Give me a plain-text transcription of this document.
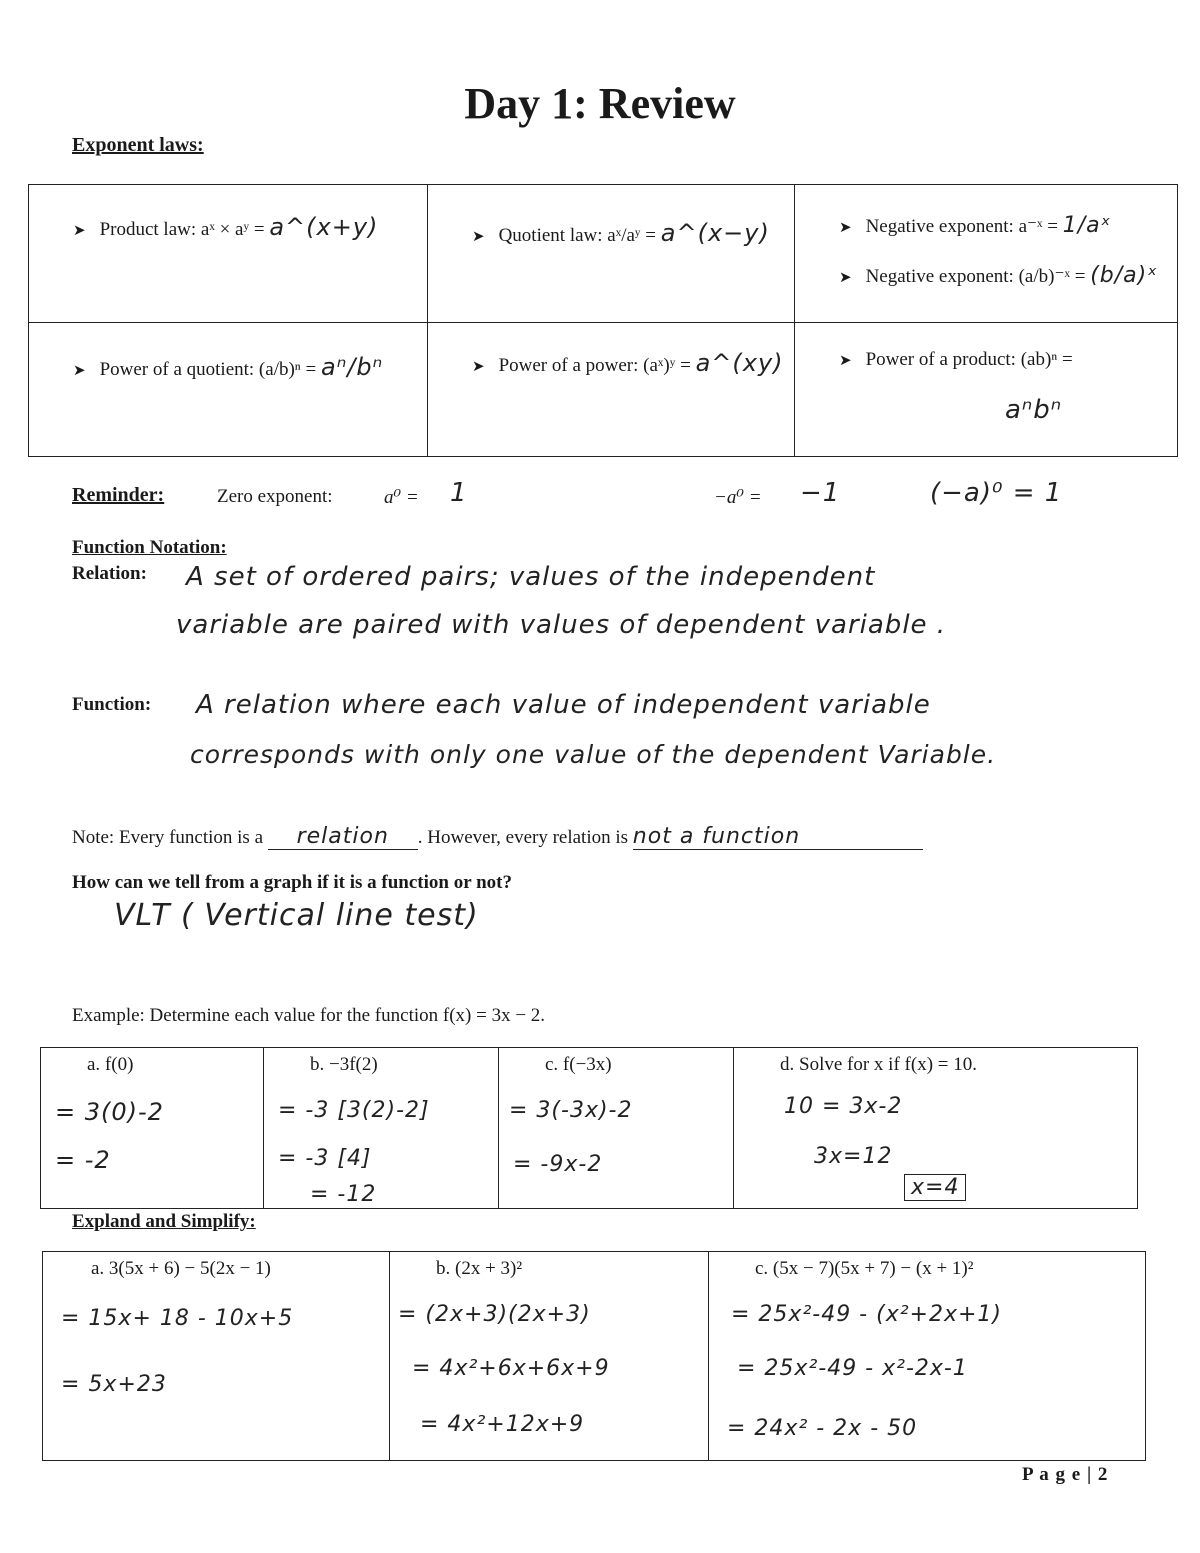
Day 1: Review
Exponent laws:
➤ Product law: aˣ × aʸ = a^(x+y)	➤ Quotient law: aˣ/aʸ = a^(x−y)	➤ Negative exponent: a⁻ˣ = 1/aˣ
➤ Negative exponent: (a/b)⁻ˣ = (b/a)ˣ

➤ Power of a quotient: (a/b)ⁿ = aⁿ/bⁿ	➤ Power of a power: (aˣ)ʸ = a^(xy)	➤ Power of a product: (ab)ⁿ =
aⁿbⁿ
Reminder:	Zero exponent:	a⁰ = 1	−a⁰ = −1	(−a)⁰ = 1
Function Notation:
Relation: A set of ordered pairs; values of the independent
variable are paired with values of dependent variable .
Function: A relation where each value of independent variable
corresponds with only one value of the dependent Variable.
Note: Every function is a relation . However, every relation is not a function
How can we tell from a graph if it is a function or not?
VLT ( Vertical line test)
Example: Determine each value for the function f(x) = 3x − 2.
a. f(0)
= 3(0)-2
= -2

b. −3f(2)
= -3 [3(2)-2]
= -3 [4]
= -12

c. f(−3x)
= 3(-3x)-2
= -9x-2

d. Solve for x if f(x) = 10.
10 = 3x-2
3x=12
x=4
Expland and Simplify:
a. 3(5x + 6) − 5(2x − 1)
= 15x+ 18 - 10x+5
= 5x+23

b. (2x + 3)²
= (2x+3)(2x+3)
= 4x²+6x+6x+9
= 4x²+12x+9

c. (5x − 7)(5x + 7) − (x + 1)²
= 25x²-49 - (x²+2x+1)
= 25x²-49 - x²-2x-1
= 24x² - 2x - 50
P a g e | 2
